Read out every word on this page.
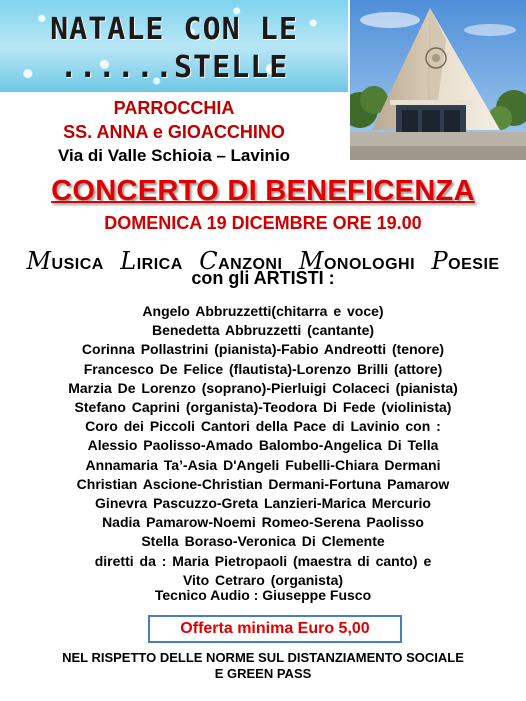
NATALE CON LE
......STELLE
PARROCCHIA
SS. ANNA e GIOACCHINO
Via di Valle Schioia – Lavinio
CONCERTO DI BENEFICENZA
DOMENICA 19 DICEMBRE ORE 19.00
MUSICA LIRICA CANZONI MONOLOGHI POESIE
con gli ARTISTI :
Angelo Abbruzzetti(chitarra e voce)
Benedetta Abbruzzetti (cantante)
Corinna Pollastrini (pianista)-Fabio Andreotti (tenore)
Francesco De Felice (flautista)-Lorenzo Brilli (attore)
Marzia De Lorenzo (soprano)-Pierluigi Colaceci (pianista)
Stefano Caprini (organista)-Teodora Di Fede (violinista)
Coro dei Piccoli Cantori della Pace di Lavinio con :
Alessio Paolisso-Amado Balombo-Angelica Di Tella
Annamaria Ta’-Asia D'Angeli Fubelli-Chiara Dermani
Christian Ascione-Christian Dermani-Fortuna Pamarow
Ginevra Pascuzzo-Greta Lanzieri-Marica Mercurio
Nadia Pamarow-Noemi Romeo-Serena Paolisso
Stella Boraso-Veronica Di Clemente
diretti da : Maria Pietropaoli (maestra di canto) e
Vito Cetraro (organista)
Tecnico Audio : Giuseppe Fusco
Offerta minima Euro 5,00
NEL RISPETTO DELLE NORME SUL DISTANZIAMENTO SOCIALE
E GREEN PASS
